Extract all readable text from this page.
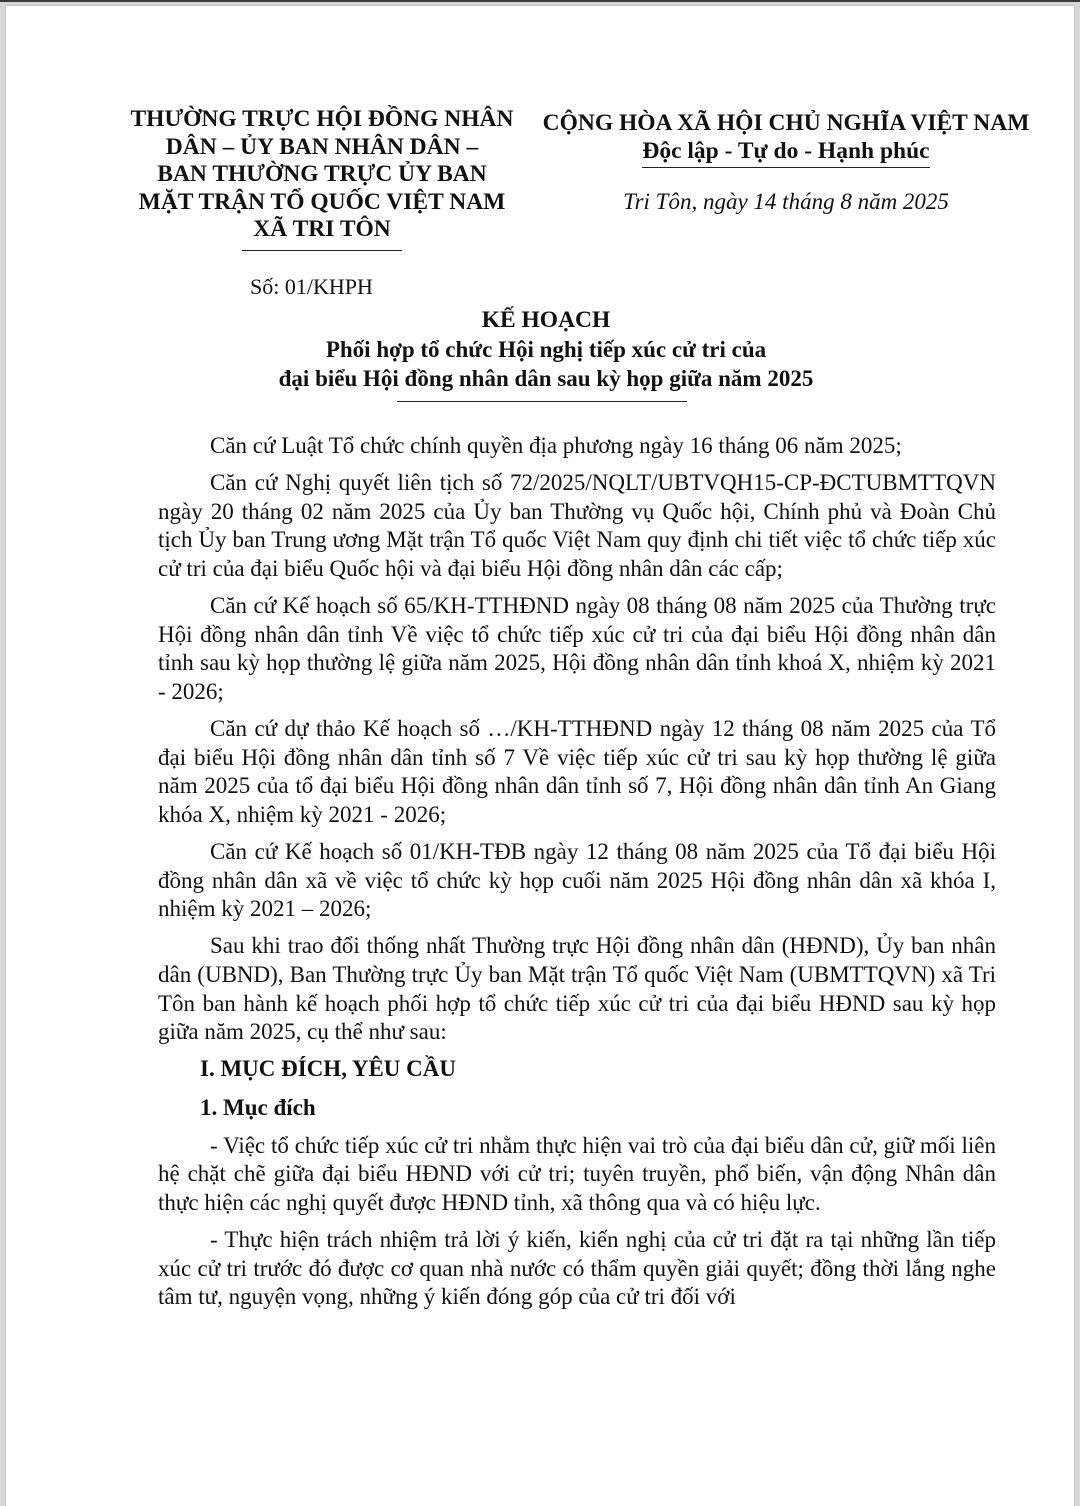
THƯỜNG TRỰC HỘI ĐỒNG NHÂN
DÂN – ỦY BAN NHÂN DÂN –
BAN THƯỜNG TRỰC ỦY BAN
MẶT TRẬN TỔ QUỐC VIỆT NAM
XÃ TRI TÔN
Số: 01/KHPH
CỘNG HÒA XÃ HỘI CHỦ NGHĨA VIỆT NAM
Độc lập - Tự do - Hạnh phúc
Tri Tôn, ngày 14 tháng 8 năm 2025
KẾ HOẠCH
Phối hợp tổ chức Hội nghị tiếp xúc cử tri của
đại biểu Hội đồng nhân dân sau kỳ họp giữa năm 2025

Căn cứ Luật Tổ chức chính quyền địa phương ngày 16 tháng 06 năm 2025;

Căn cứ Nghị quyết liên tịch số 72/2025/NQLT/UBTVQH15-CP-ĐCTUBMTTQVN ngày 20 tháng 02 năm 2025 của Ủy ban Thường vụ Quốc hội, Chính phủ và Đoàn Chủ tịch Ủy ban Trung ương Mặt trận Tổ quốc Việt Nam quy định chi tiết việc tổ chức tiếp xúc cử tri của đại biểu Quốc hội và đại biểu Hội đồng nhân dân các cấp;

Căn cứ Kế hoạch số 65/KH-TTHĐND ngày 08 tháng 08 năm 2025 của Thường trực Hội đồng nhân dân tỉnh Về việc tổ chức tiếp xúc cử tri của đại biểu Hội đồng nhân dân tỉnh sau kỳ họp thường lệ giữa năm 2025, Hội đồng nhân dân tỉnh khoá X, nhiệm kỳ 2021 - 2026;

Căn cứ dự thảo Kế hoạch số …/KH-TTHĐND ngày 12 tháng 08 năm 2025 của Tổ đại biểu Hội đồng nhân dân tỉnh số 7 Về việc tiếp xúc cử tri sau kỳ họp thường lệ giữa năm 2025 của tổ đại biểu Hội đồng nhân dân tỉnh số 7, Hội đồng nhân dân tỉnh An Giang khóa X, nhiệm kỳ 2021 - 2026;

Căn cứ Kế hoạch số 01/KH-TĐB ngày 12 tháng 08 năm 2025 của Tổ đại biểu Hội đồng nhân dân xã về việc tổ chức kỳ họp cuối năm 2025 Hội đồng nhân dân xã khóa I, nhiệm kỳ 2021 – 2026;

Sau khi trao đổi thống nhất Thường trực Hội đồng nhân dân (HĐND), Ủy ban nhân dân (UBND), Ban Thường trực Ủy ban Mặt trận Tổ quốc Việt Nam (UBMTTQVN) xã Tri Tôn ban hành kế hoạch phối hợp tổ chức tiếp xúc cử tri của đại biểu HĐND sau kỳ họp giữa năm 2025, cụ thể như sau:

I. MỤC ĐÍCH, YÊU CẦU
1. Mục đích

- Việc tổ chức tiếp xúc cử tri nhằm thực hiện vai trò của đại biểu dân cử, giữ mối liên hệ chặt chẽ giữa đại biểu HĐND với cử tri; tuyên truyền, phổ biến, vận động Nhân dân thực hiện các nghị quyết được HĐND tỉnh, xã thông qua và có hiệu lực.

- Thực hiện trách nhiệm trả lời ý kiến, kiến nghị của cử tri đặt ra tại những lần tiếp xúc cử tri trước đó được cơ quan nhà nước có thẩm quyền giải quyết; đồng thời lắng nghe tâm tư, nguyện vọng, những ý kiến đóng góp của cử tri đối với
